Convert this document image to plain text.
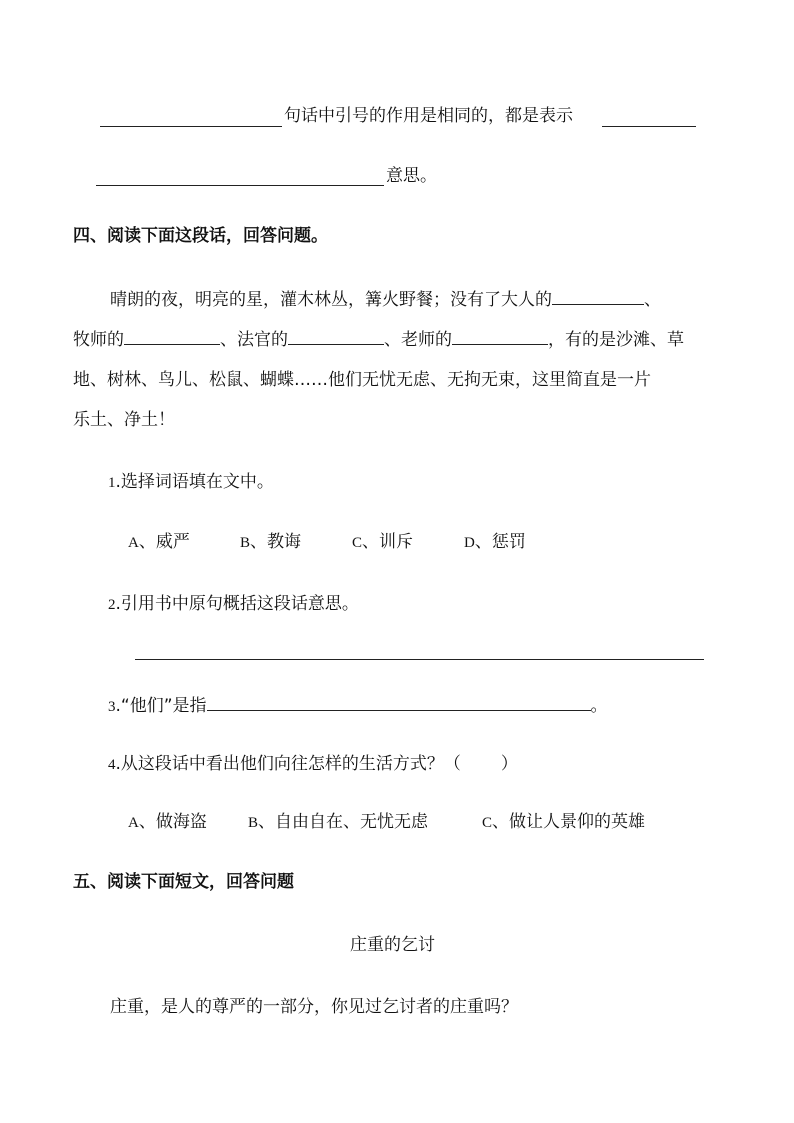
句话中引号的作用是相同的，都是表示
意思。
四、阅读下面这段话，回答问题。
晴朗的夜，明亮的星，灌木林丛，篝火野餐；没有了大人的	、
牧师的	、法官的	、老师的	，有的是沙滩、草
地、树林、鸟儿、松鼠、蝴蝶……他们无忧无虑、无拘无束，这里简直是一片
乐土、净土！
1.选择词语填在文中。
A、威严	B、教诲	C、训斥	D、惩罚
2.引用书中原句概括这段话意思。
3.“他们”是指	。
4.从这段话中看出他们向往怎样的生活方式？（ ）
A、做海盗	B、自由自在、无忧无虑	C、做让人景仰的英雄
五、阅读下面短文，回答问题
庄重的乞讨
庄重，是人的尊严的一部分，你见过乞讨者的庄重吗？
